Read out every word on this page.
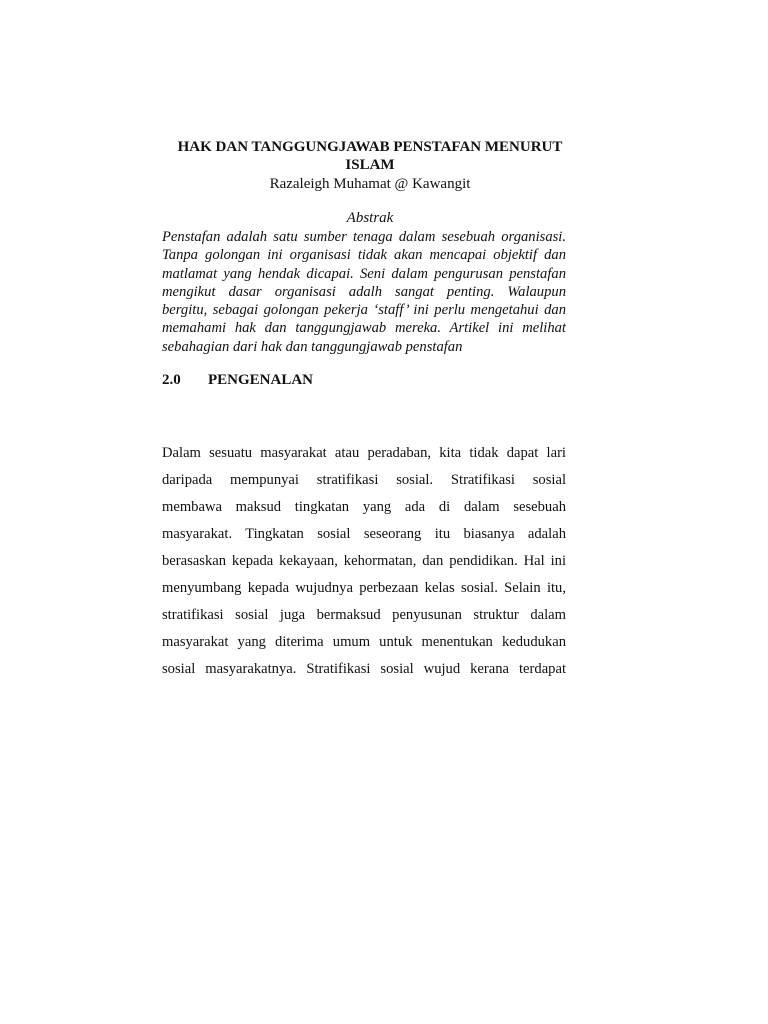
HAK DAN TANGGUNGJAWAB PENSTAFAN MENURUT
ISLAM
Razaleigh Muhamat @ Kawangit
Abstrak
Penstafan adalah satu sumber tenaga dalam sesebuah organisasi.
Tanpa golongan ini organisasi tidak akan mencapai objektif dan
matlamat yang hendak dicapai. Seni dalam pengurusan penstafan
mengikut dasar organisasi adalh sangat penting. Walaupun
bergitu, sebagai golongan pekerja ‘staff’ ini perlu mengetahui dan
memahami hak dan tanggungjawab mereka. Artikel ini melihat
sebahagian dari hak dan tanggungjawab penstafan
2.0 PENGENALAN
Dalam sesuatu masyarakat atau peradaban, kita tidak dapat lari
daripada mempunyai stratifikasi sosial. Stratifikasi sosial
membawa maksud tingkatan yang ada di dalam sesebuah
masyarakat. Tingkatan sosial seseorang itu biasanya adalah
berasaskan kepada kekayaan, kehormatan, dan pendidikan. Hal ini
menyumbang kepada wujudnya perbezaan kelas sosial. Selain itu,
stratifikasi sosial juga bermaksud penyusunan struktur dalam
masyarakat yang diterima umum untuk menentukan kedudukan
sosial masyarakatnya. Stratifikasi sosial wujud kerana terdapat
